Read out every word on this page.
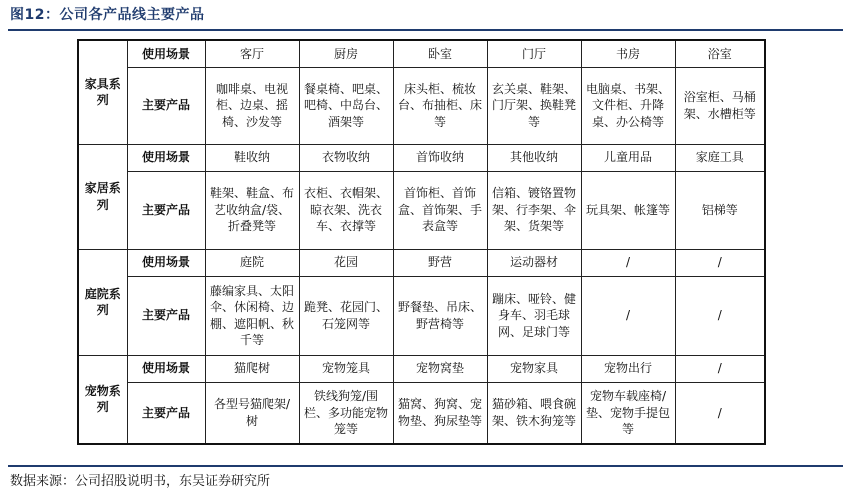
图12：公司各产品线主要产品
家具系列	使用场景	客厅	厨房	卧室	门厅	书房	浴室
	主要产品	咖啡桌、电视柜、边桌、摇椅、沙发等	餐桌椅、吧桌、吧椅、中岛台、酒架等	床头柜、梳妆台、布抽柜、床等	玄关桌、鞋架、门厅架、换鞋凳等	电脑桌、书架、文件柜、升降桌、办公椅等	浴室柜、马桶架、水槽柜等

家居系列	使用场景	鞋收纳	衣物收纳	首饰收纳	其他收纳	儿童用品	家庭工具
	主要产品	鞋架、鞋盒、布艺收纳盒/袋、折叠凳等	衣柜、衣帽架、晾衣架、洗衣车、衣撑等	首饰柜、首饰盒、首饰架、手表盒等	信箱、镀铬置物架、行李架、伞架、货架等	玩具架、帐篷等	铝梯等

庭院系列	使用场景	庭院	花园	野营	运动器材	/	/
	主要产品	藤编家具、太阳伞、休闲椅、边棚、遮阳帆、秋千等	跪凳、花园门、石笼网等	野餐垫、吊床、野营椅等	蹦床、哑铃、健身车、羽毛球网、足球门等	/	/

宠物系列	使用场景	猫爬树	宠物笼具	宠物窝垫	宠物家具	宠物出行	/
	主要产品	各型号猫爬架/树	铁线狗笼/围栏、多功能宠物笼等	猫窝、狗窝、宠物垫、狗尿垫等	猫砂箱、喂食碗架、铁木狗笼等	宠物车载座椅/垫、宠物手提包等	/
数据来源：公司招股说明书，东吴证券研究所
